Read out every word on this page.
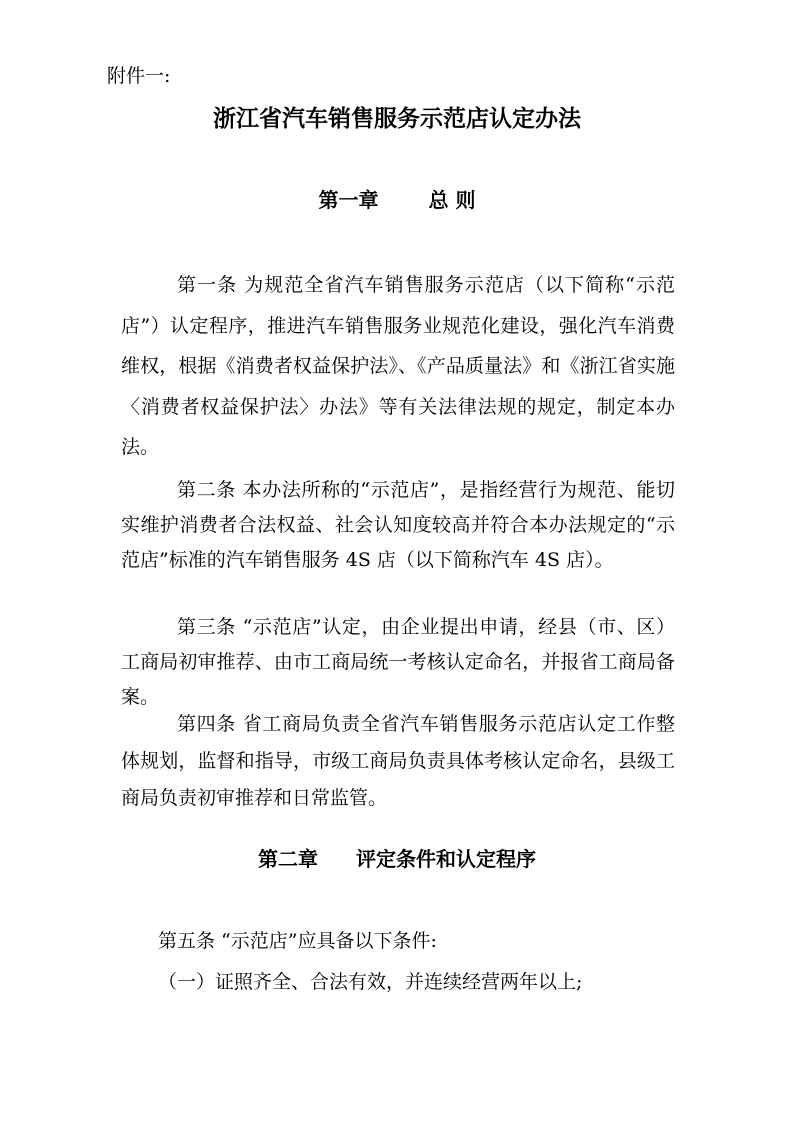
附件一:
浙江省汽车销售服务示范店认定办法
第一章	总 则
第一条 为规范全省汽车销售服务示范店（以下简称“示范店”）认定程序，推进汽车销售服务业规范化建设，强化汽车消费维权，根据《消费者权益保护法》、《产品质量法》和《浙江省实施〈消费者权益保护法〉办法》等有关法律法规的规定，制定本办法。
第二条 本办法所称的“示范店”，是指经营行为规范、能切实维护消费者合法权益、社会认知度较高并符合本办法规定的“示范店”标准的汽车销售服务 4S 店（以下简称汽车 4S 店）。
第三条 “示范店”认定，由企业提出申请，经县（市、区）工商局初审推荐、由市工商局统一考核认定命名，并报省工商局备案。
第四条 省工商局负责全省汽车销售服务示范店认定工作整体规划，监督和指导，市级工商局负责具体考核认定命名，县级工商局负责初审推荐和日常监管。
第二章 评定条件和认定程序
第五条 “示范店”应具备以下条件:
（一）证照齐全、合法有效，并连续经营两年以上;
